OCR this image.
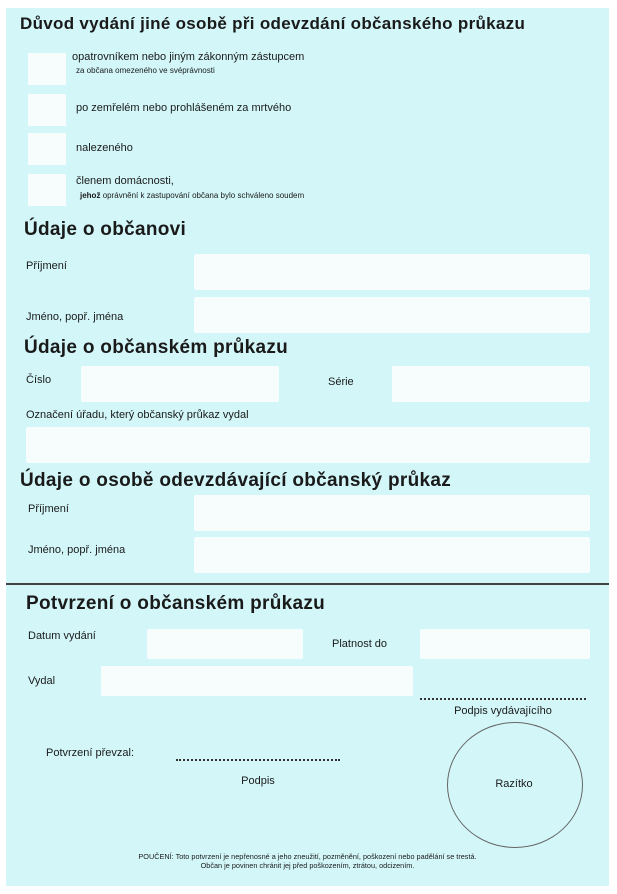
Důvod vydání jiné osobě při odevzdání občanského průkazu
opatrovníkem nebo jiným zákonným zástupcem
za občana omezeného ve svéprávnosti
po zemřelém nebo prohlášeném za mrtvého
nalezeného
členem domácnosti,
jehož oprávnění k zastupování občana bylo schváleno soudem
Údaje o občanovi
Příjmení
Jméno, popř. jména
Údaje o občanském průkazu
Číslo	Série
Označení úřadu, který občanský průkaz vydal
Údaje o osobě odevzdávající občanský průkaz
Příjmení
Jméno, popř. jména
Potvrzení o občanském průkazu
Datum vydání
Platnost do
Vydal
Podpis vydávajícího
Potvrzení převzal:
Podpis	Razítko
POUČENÍ: Toto potvrzení je nepřenosné a jeho zneužití, pozměnění, poškození nebo padělání se trestá.
Občan je povinen chránit jej před poškozením, ztrátou, odcizením.
